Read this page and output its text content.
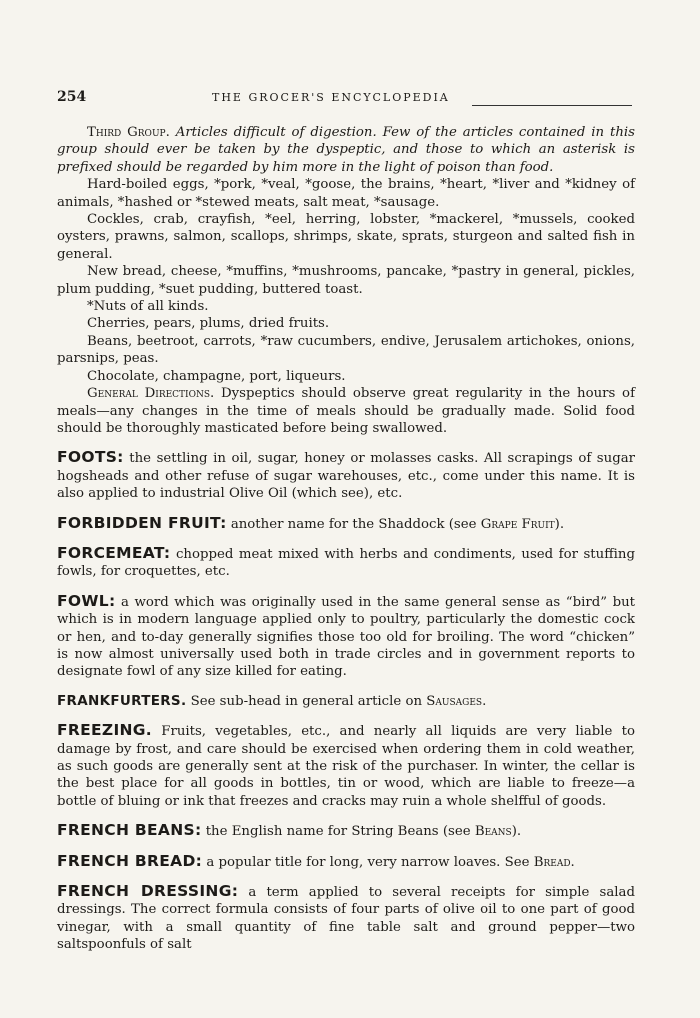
254	THE GROCER'S ENCYCLOPEDIA

Third Group. Articles difficult of digestion. Few of the articles contained in this group should ever be taken by the dyspeptic, and those to which an asterisk is prefixed should be regarded by him more in the light of poison than food.

Hard-boiled eggs, *pork, *veal, *goose, the brains, *heart, *liver and *kidney of animals, *hashed or *stewed meats, salt meat, *sausage.

Cockles, crab, crayfish, *eel, herring, lobster, *mackerel, *mussels, cooked oysters, prawns, salmon, scallops, shrimps, skate, sprats, sturgeon and salted fish in general.

New bread, cheese, *muffins, *mushrooms, pancake, *pastry in general, pickles, plum pudding, *suet pudding, buttered toast.

*Nuts of all kinds.

Cherries, pears, plums, dried fruits.

Beans, beetroot, carrots, *raw cucumbers, endive, Jerusalem artichokes, onions, parsnips, peas.

Chocolate, champagne, port, liqueurs.

General Directions. Dyspeptics should observe great regularity in the hours of meals—any changes in the time of meals should be gradually made. Solid food should be thoroughly masticated before being swallowed.

FOOTS: the settling in oil, sugar, honey or molasses casks. All scrapings of sugar hogsheads and other refuse of sugar warehouses, etc., come under this name. It is also applied to industrial Olive Oil (which see), etc.

FORBIDDEN FRUIT: another name for the Shaddock (see Grape Fruit).

FORCEMEAT: chopped meat mixed with herbs and condiments, used for stuffing fowls, for croquettes, etc.

FOWL: a word which was originally used in the same general sense as “bird” but which is in modern language applied only to poultry, particularly the domestic cock or hen, and to-day generally signifies those too old for broiling. The word “chicken” is now almost universally used both in trade circles and in government reports to designate fowl of any size killed for eating.

FRANKFURTERS. See sub-head in general article on Sausages.

FREEZING. Fruits, vegetables, etc., and nearly all liquids are very liable to damage by frost, and care should be exercised when ordering them in cold weather, as such goods are generally sent at the risk of the purchaser. In winter, the cellar is the best place for all goods in bottles, tin or wood, which are liable to freeze—a bottle of bluing or ink that freezes and cracks may ruin a whole shelfful of goods.

FRENCH BEANS: the English name for String Beans (see Beans).

FRENCH BREAD: a popular title for long, very narrow loaves. See Bread.

FRENCH DRESSING: a term applied to several receipts for simple salad dressings. The correct formula consists of four parts of olive oil to one part of good vinegar, with a small quantity of fine table salt and ground pepper—two saltspoonfuls of salt
